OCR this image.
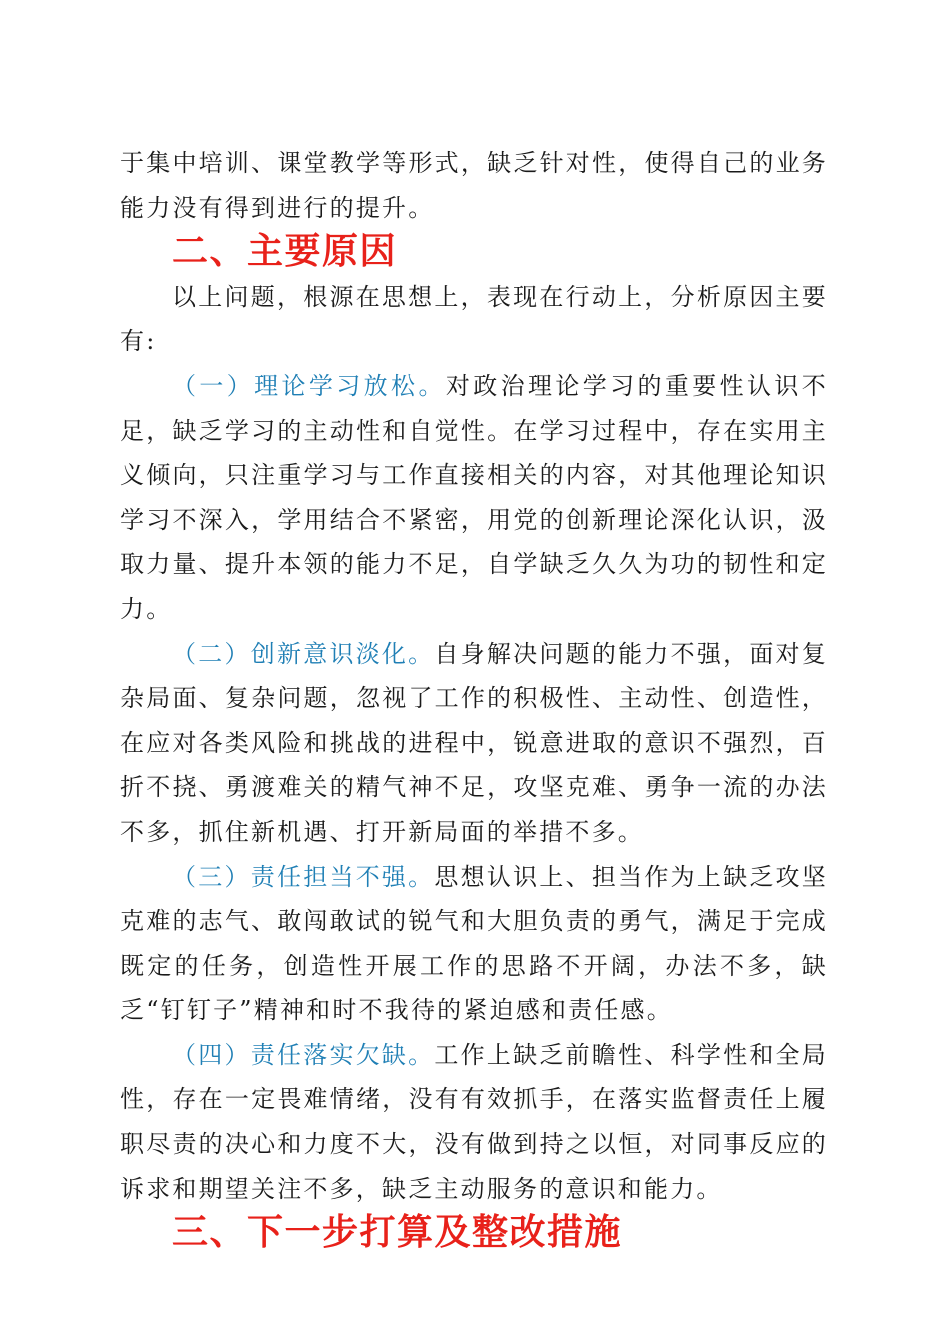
于集中培训、课堂教学等形式，缺乏针对性，使得自己的业务能力没有得到进行的提升。

二、主要原因

以上问题，根源在思想上，表现在行动上，分析原因主要有:

（一）理论学习放松。对政治理论学习的重要性认识不足，缺乏学习的主动性和自觉性。在学习过程中，存在实用主义倾向，只注重学习与工作直接相关的内容，对其他理论知识学习不深入，学用结合不紧密，用党的创新理论深化认识，汲取力量、提升本领的能力不足，自学缺乏久久为功的韧性和定力。

（二）创新意识淡化。自身解决问题的能力不强，面对复杂局面、复杂问题，忽视了工作的积极性、主动性、创造性，在应对各类风险和挑战的进程中，锐意进取的意识不强烈，百折不挠、勇渡难关的精气神不足，攻坚克难、勇争一流的办法不多，抓住新机遇、打开新局面的举措不多。

（三）责任担当不强。思想认识上、担当作为上缺乏攻坚克难的志气、敢闯敢试的锐气和大胆负责的勇气，满足于完成既定的任务，创造性开展工作的思路不开阔，办法不多，缺乏“钉钉子”精神和时不我待的紧迫感和责任感。

（四）责任落实欠缺。工作上缺乏前瞻性、科学性和全局性，存在一定畏难情绪，没有有效抓手，在落实监督责任上履职尽责的决心和力度不大，没有做到持之以恒，对同事反应的诉求和期望关注不多，缺乏主动服务的意识和能力。

三、下一步打算及整改措施
